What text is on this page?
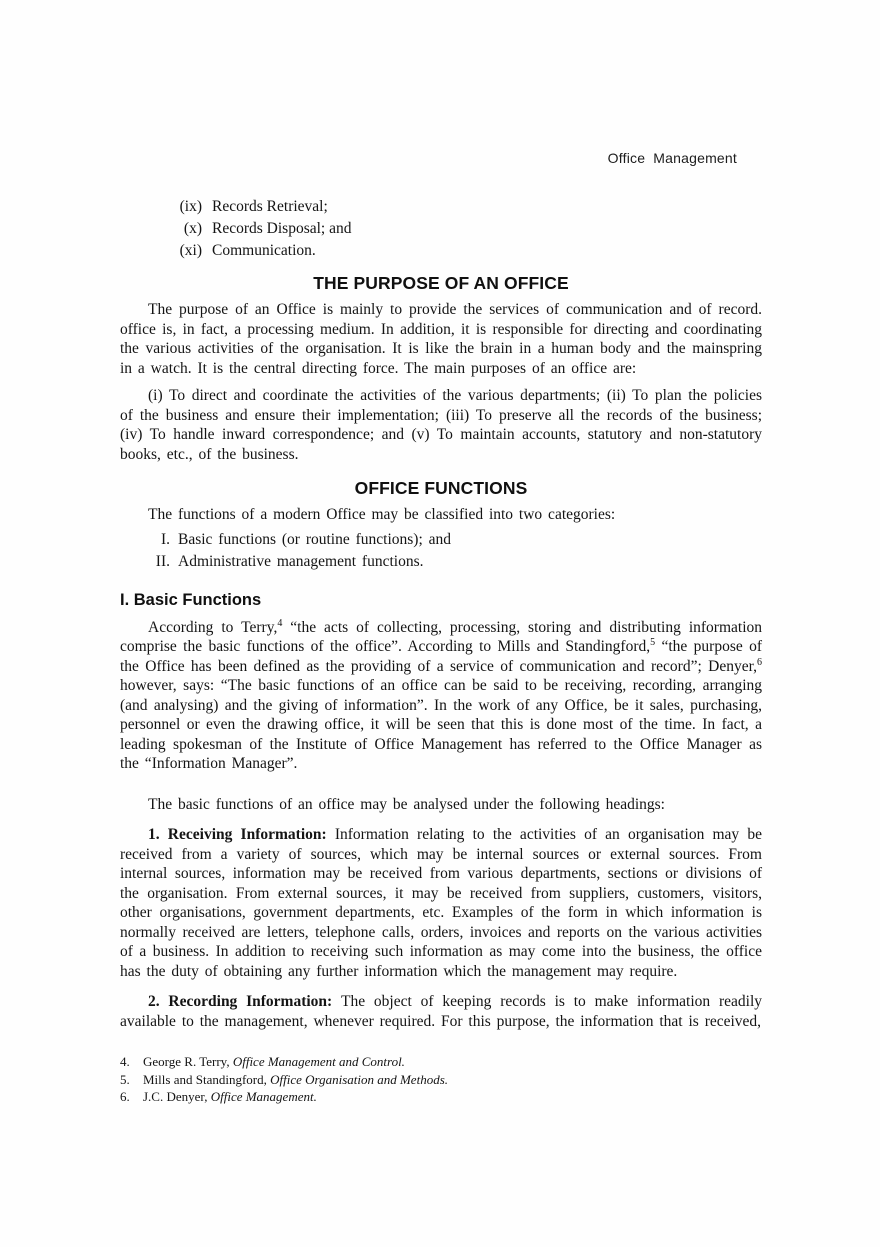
Office Management
(ix) Records Retrieval;
(x) Records Disposal; and
(xi) Communication.
THE PURPOSE OF AN OFFICE

The purpose of an Office is mainly to provide the services of communication and of record. office is, in fact, a processing medium. In addition, it is responsible for directing and coordinating the various activities of the organisation. It is like the brain in a human body and the mainspring in a watch. It is the central directing force. The main purposes of an office are:

(i) To direct and coordinate the activities of the various departments; (ii) To plan the policies of the business and ensure their implementation; (iii) To preserve all the records of the business; (iv) To handle inward correspondence; and (v) To maintain accounts, statutory and non-statutory books, etc., of the business.

OFFICE FUNCTIONS

The functions of a modern Office may be classified into two categories:

I. Basic functions (or routine functions); and
II. Administrative management functions.
I. Basic Functions

According to Terry,$^4$ “the acts of collecting, processing, storing and distributing information comprise the basic functions of the office”. According to Mills and Standingford,$^5$ “the purpose of the Office has been defined as the providing of a service of communication and record”; Denyer,$^6$ however, says: “The basic functions of an office can be said to be receiving, recording, arranging (and analysing) and the giving of information”. In the work of any Office, be it sales, purchasing, personnel or even the drawing office, it will be seen that this is done most of the time. In fact, a leading spokesman of the Institute of Office Management has referred to the Office Manager as the “Information Manager”.

The basic functions of an office may be analysed under the following headings:

1. Receiving Information: Information relating to the activities of an organisation may be received from a variety of sources, which may be internal sources or external sources. From internal sources, information may be received from various departments, sections or divisions of the organisation. From external sources, it may be received from suppliers, customers, visitors, other organisations, government departments, etc. Examples of the form in which information is normally received are letters, telephone calls, orders, invoices and reports on the various activities of a business. In addition to receiving such information as may come into the business, the office has the duty of obtaining any further information which the management may require.

2. Recording Information: The object of keeping records is to make information readily available to the management, whenever required. For this purpose, the information that is received,

4.	George R. Terry, Office Management and Control.
5.	Mills and Standingford, Office Organisation and Methods.
6.	J.C. Denyer, Office Management.
